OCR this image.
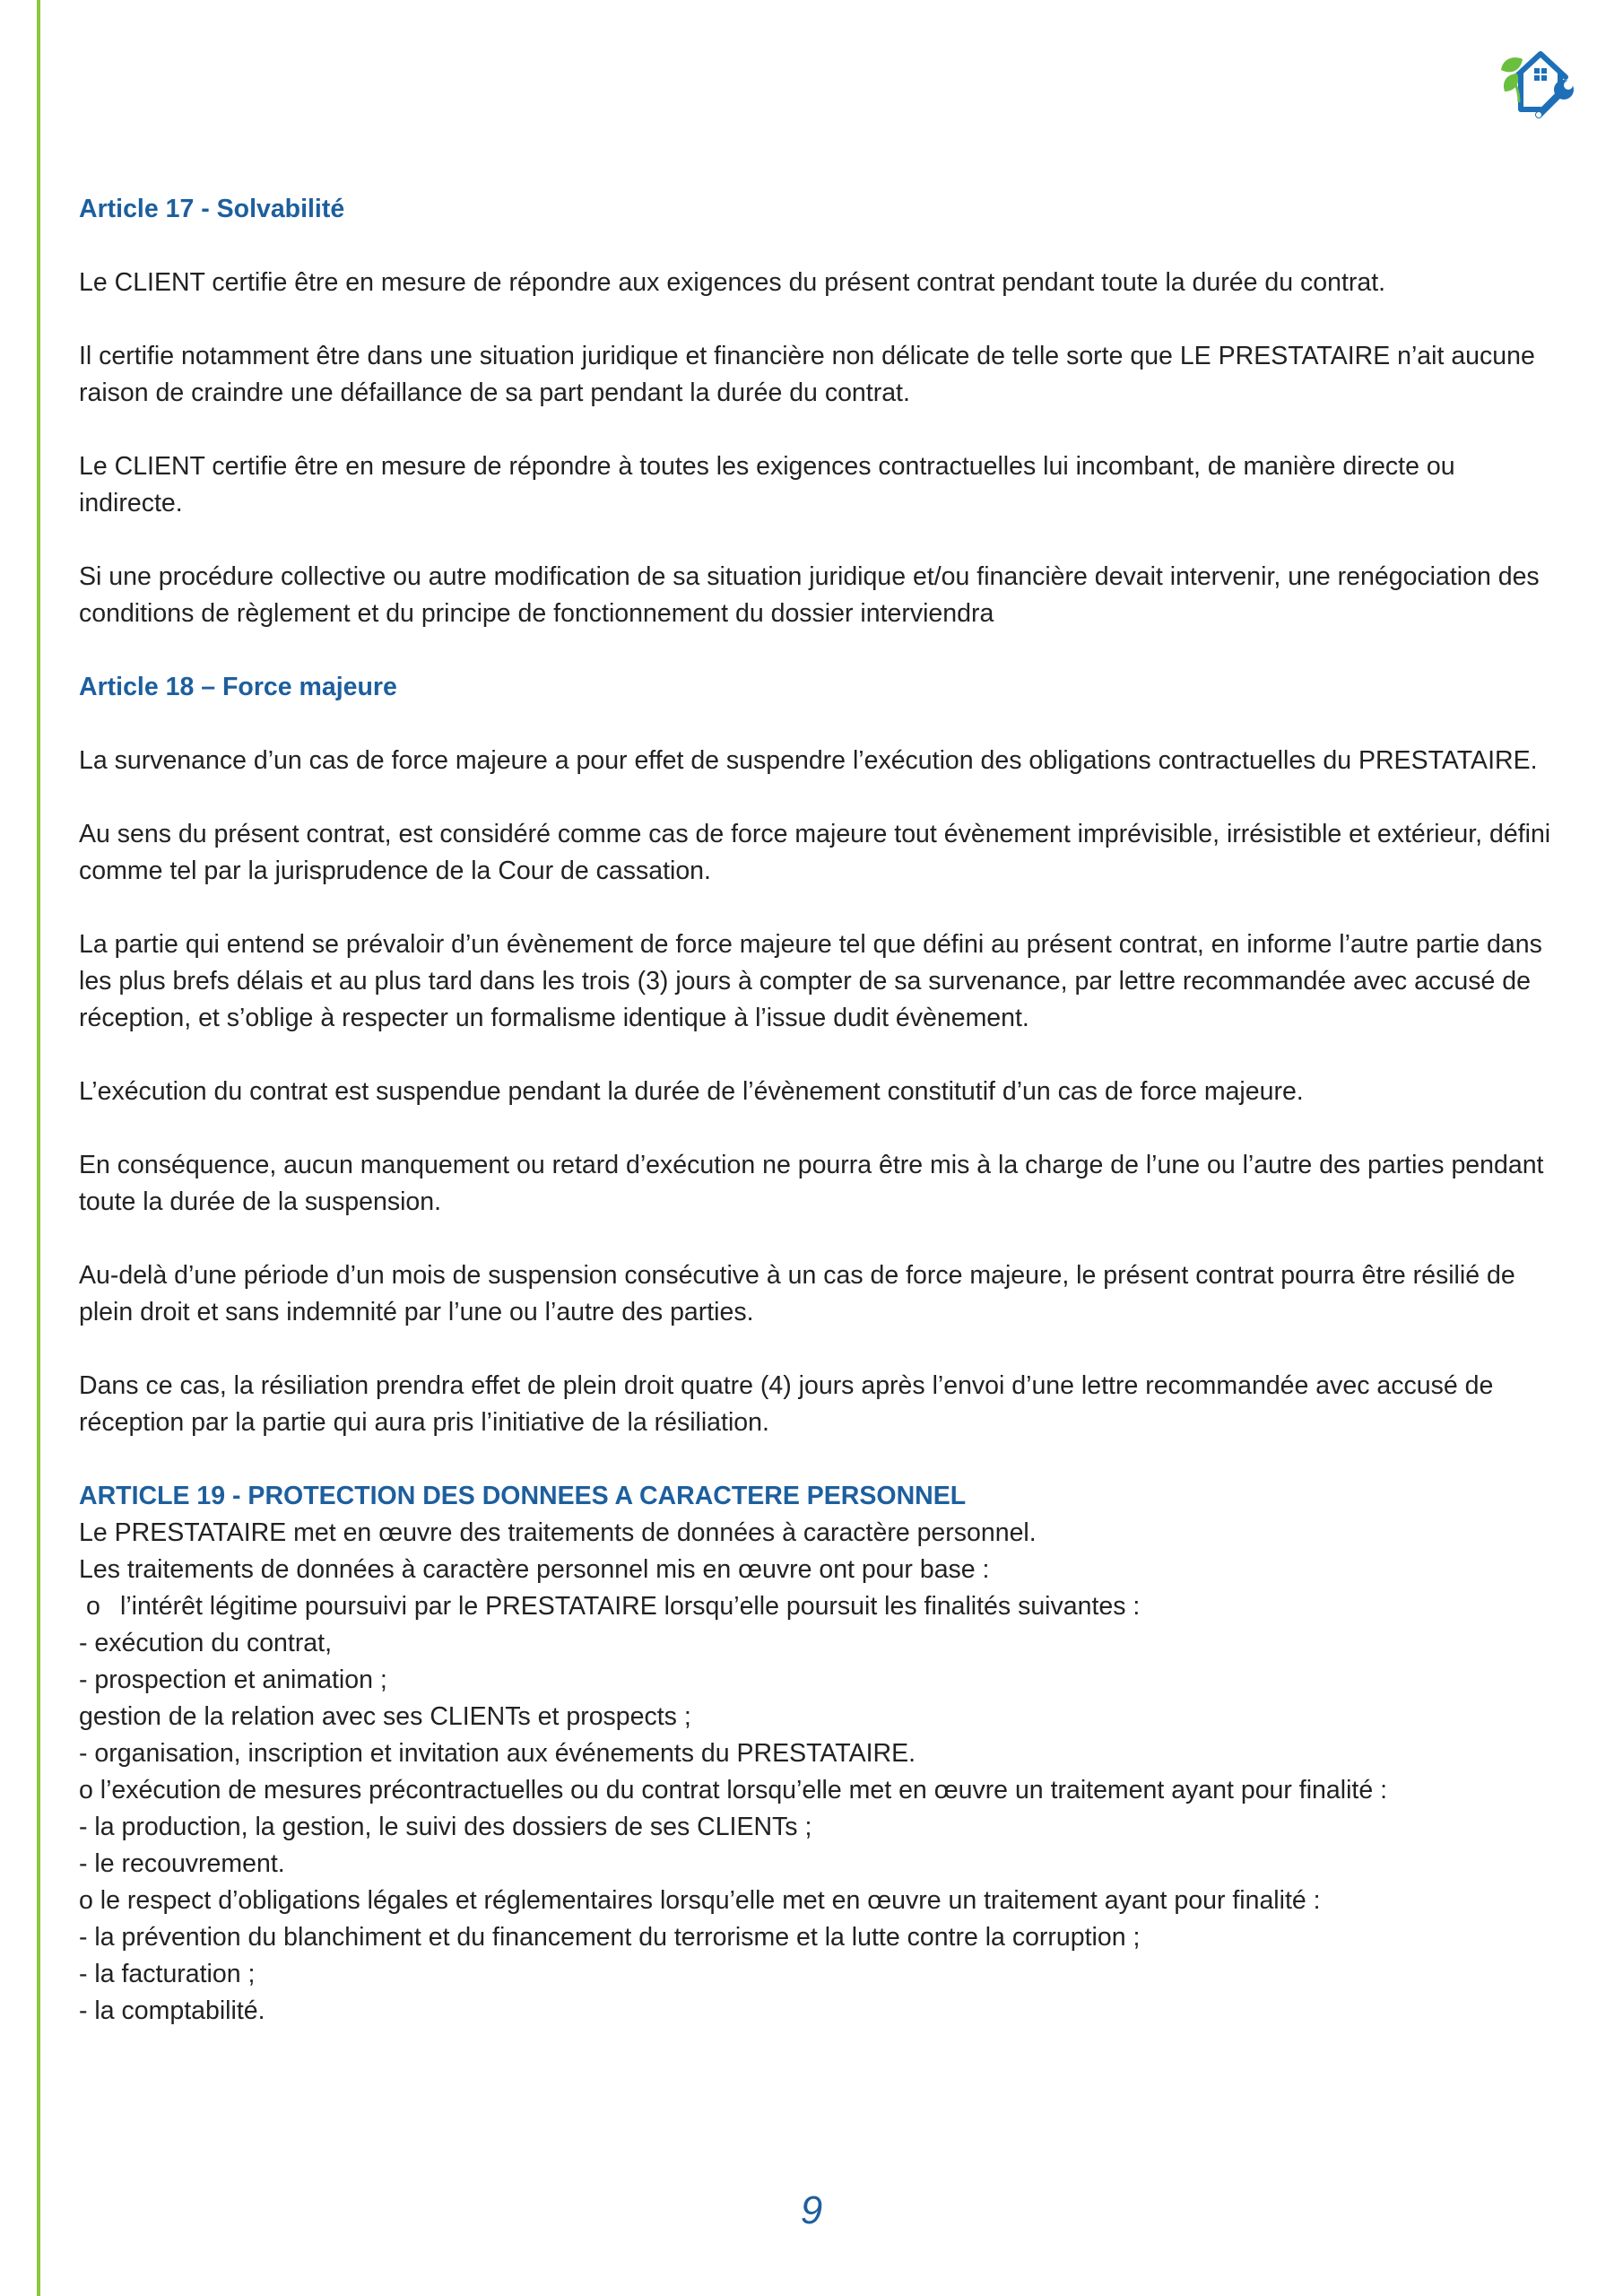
Article 17 - Solvabilité

Le CLIENT certifie être en mesure de répondre aux exigences du présent contrat pendant toute la durée du contrat.

Il certifie notamment être dans une situation juridique et financière non délicate de telle sorte que LE PRESTATAIRE n’ait aucune raison de craindre une défaillance de sa part pendant la durée du contrat.

Le CLIENT certifie être en mesure de répondre à toutes les exigences contractuelles lui incombant, de manière directe ou indirecte.

Si une procédure collective ou autre modification de sa situation juridique et/ou financière devait intervenir, une renégociation des conditions de règlement et du principe de fonctionnement du dossier interviendra

Article 18 – Force majeure

La survenance d’un cas de force majeure a pour effet de suspendre l’exécution des obligations contractuelles du PRESTATAIRE.

Au sens du présent contrat, est considéré comme cas de force majeure tout évènement imprévisible, irrésistible et extérieur, défini comme tel par la jurisprudence de la Cour de cassation.

La partie qui entend se prévaloir d’un évènement de force majeure tel que défini au présent contrat, en informe l’autre partie dans les plus brefs délais et au plus tard dans les trois (3) jours à compter de sa survenance, par lettre recommandée avec accusé de réception, et s’oblige à respecter un formalisme identique à l’issue dudit évènement.

L’exécution du contrat est suspendue pendant la durée de l’évènement constitutif d’un cas de force majeure.

En conséquence, aucun manquement ou retard d’exécution ne pourra être mis à la charge de l’une ou l’autre des parties pendant toute la durée de la suspension.

Au-delà d’une période d’un mois de suspension consécutive à un cas de force majeure, le présent contrat pourra être résilié de plein droit et sans indemnité par l’une ou l’autre des parties.

Dans ce cas, la résiliation prendra effet de plein droit quatre (4) jours après l’envoi d’une lettre recommandée avec accusé de réception par la partie qui aura pris l’initiative de la résiliation.

ARTICLE 19 - PROTECTION DES DONNEES A CARACTERE PERSONNEL

Le PRESTATAIRE met en œuvre des traitements de données à caractère personnel.

Les traitements de données à caractère personnel mis en œuvre ont pour base :

o l’intérêt légitime poursuivi par le PRESTATAIRE lorsqu’elle poursuit les finalités suivantes :

- exécution du contrat,

- prospection et animation ;

gestion de la relation avec ses CLIENTs et prospects ;

- organisation, inscription et invitation aux événements du PRESTATAIRE.

o l’exécution de mesures précontractuelles ou du contrat lorsqu’elle met en œuvre un traitement ayant pour finalité :

- la production, la gestion, le suivi des dossiers de ses CLIENTs ;

- le recouvrement.

o le respect d’obligations légales et réglementaires lorsqu’elle met en œuvre un traitement ayant pour finalité :

- la prévention du blanchiment et du financement du terrorisme et la lutte contre la corruption ;

- la facturation ;

- la comptabilité.

9
